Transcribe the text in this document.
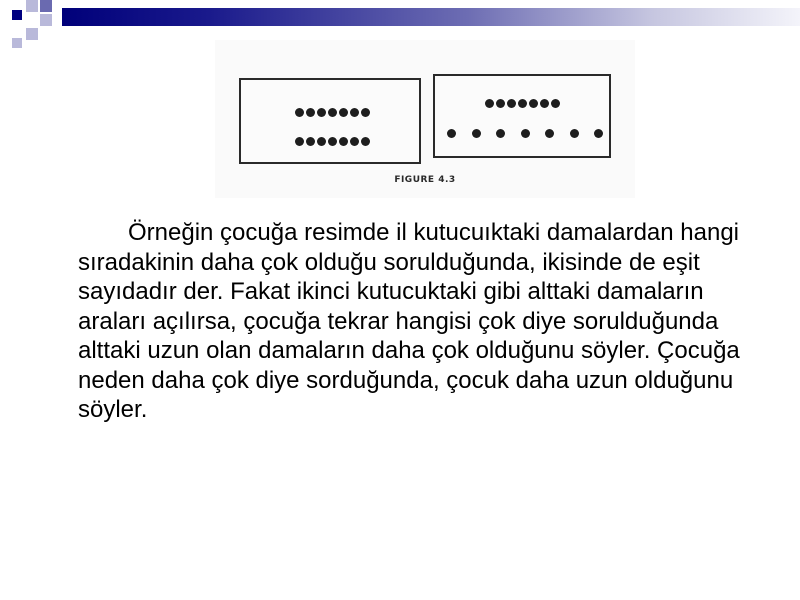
FIGURE 4.3

Örneğin çocuğa resimde il kutucuıktaki damalardan hangi sıradakinin daha çok olduğu sorulduğunda, ikisinde de eşit sayıdadır der. Fakat ikinci kutucuktaki gibi alttaki damaların araları açılırsa, çocuğa tekrar hangisi çok diye sorulduğunda alttaki uzun olan damaların daha çok olduğunu söyler. Çocuğa neden daha çok diye sorduğunda, çocuk daha uzun olduğunu söyler.
